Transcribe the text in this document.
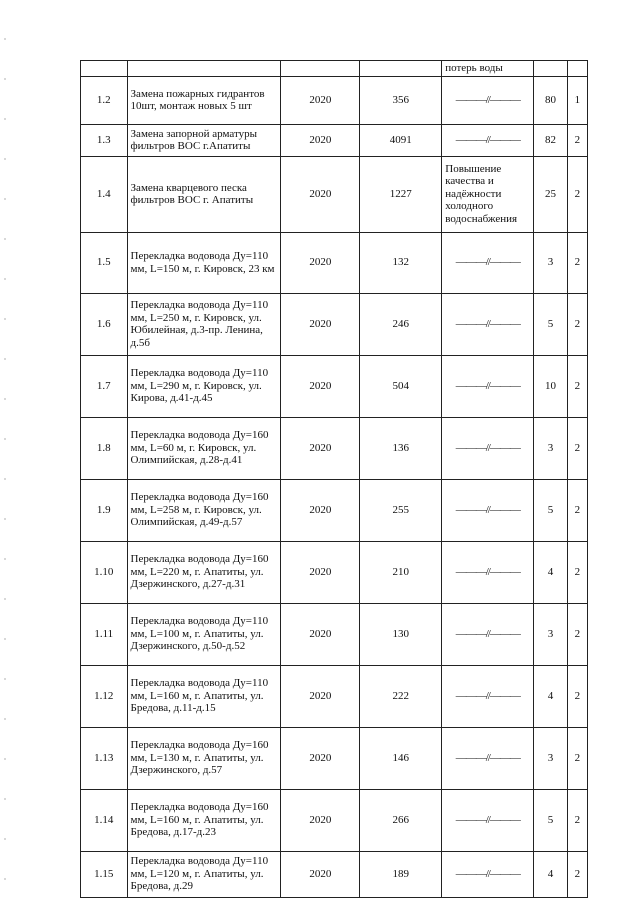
				потерь воды		
1.2	Замена пожарных гидрантов 10шт, монтаж новых 5 шт	2020	356	———//———	80	1
1.3	Замена запорной арматуры фильтров ВОС г.Апатиты	2020	4091	———//———	82	2
1.4	Замена кварцевого песка фильтров ВОС г. Апатиты	2020	1227	Повышение качества и надёжности холодного водоснабжения	25	2
1.5	Перекладка водовода Ду=110 мм, L=150 м, г. Кировск, 23 км	2020	132	———//———	3	2
1.6	Перекладка водовода Ду=110 мм, L=250 м, г. Кировск, ул. Юбилейная, д.3-пр. Ленина, д.5б	2020	246	———//———	5	2
1.7	Перекладка водовода Ду=110 мм, L=290 м, г. Кировск, ул. Кирова, д.41-д.45	2020	504	———//———	10	2
1.8	Перекладка водовода Ду=160 мм, L=60 м, г. Кировск, ул. Олимпийская, д.28-д.41	2020	136	———//———	3	2
1.9	Перекладка водовода Ду=160 мм, L=258 м, г. Кировск, ул. Олимпийская, д.49-д.57	2020	255	———//———	5	2
1.10	Перекладка водовода Ду=160 мм, L=220 м, г. Апатиты, ул. Дзержинского, д.27-д.31	2020	210	———//———	4	2
1.11	Перекладка водовода Ду=110 мм, L=100 м, г. Апатиты, ул. Дзержинского, д.50-д.52	2020	130	———//———	3	2
1.12	Перекладка водовода Ду=110 мм, L=160 м, г. Апатиты, ул. Бредова, д.11-д.15	2020	222	———//———	4	2
1.13	Перекладка водовода Ду=160 мм, L=130 м, г. Апатиты, ул. Дзержинского, д.57	2020	146	———//———	3	2
1.14	Перекладка водовода Ду=160 мм, L=160 м, г. Апатиты, ул. Бредова, д.17-д.23	2020	266	———//———	5	2
1.15	Перекладка водовода Ду=110 мм, L=120 м, г. Апатиты, ул. Бредова, д.29	2020	189	———//———	4	2
